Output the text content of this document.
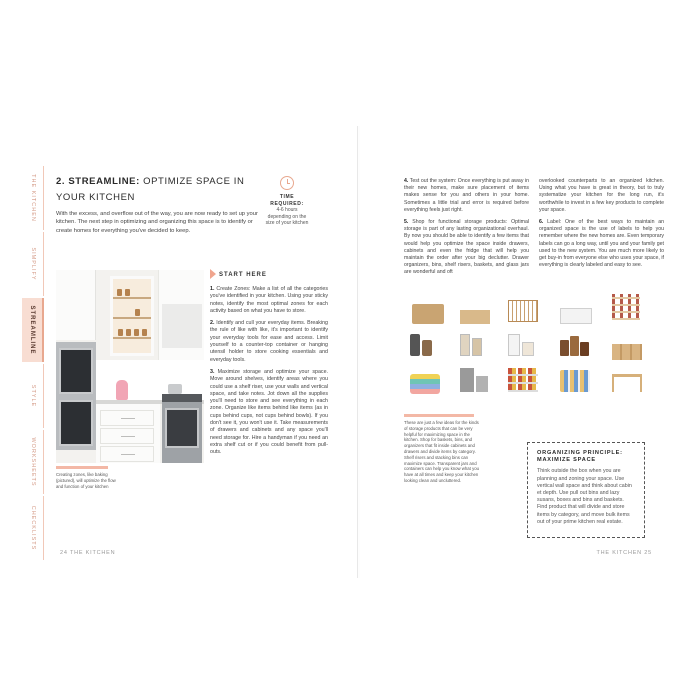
THE KITCHEN
SIMPLIFY
STREAMLINE
STYLE
WORKSHEETS
CHECKLISTS
2. STREAMLINE: OPTIMIZE SPACE IN YOUR KITCHEN
With the excess, and overflow out of the way, you are now ready to set up your kitchen. The next step in optimizing and organizing this space is to identify or create homes for everything you've decided to keep.
TIME REQUIRED:
4-6 hours depending on the size of your kitchen
Creating zones, like baking (pictured), will optimize the flow and function of your kitchen
START HERE

1. Create Zones: Make a list of all the categories you've identified in your kitchen. Using your sticky notes, identify the most optimal zones for each activity based on what you have to store.

2. Identify and cull your everyday items. Breaking the rule of like with like, it's important to identify your everyday tools for ease and access. Limit yourself to a counter-top container or hanging utensil holder to store cooking essentials and everyday tools.

3. Maximize storage and optimize your space. Move around shelves, identify areas where you could use a shelf riser, use your walls and vertical space, and take notes. Jot down all the supplies you'll need to store and see everything in each zone. Organize like items behind like items (as in cups behind cups, not cups behind bowls). If you don't see it, you won't use it. Take measurements of drawers and cabinets and any space you'll need storage for. Hire a handyman if you need an extra shelf cut or if you could benefit from pull-outs.

24 THE KITCHEN

4. Test out the system: Once everything is put away in their new homes, make sure placement of items makes sense for you and others in your home. Sometimes a little trial and error is required before everything feels just right.

5. Shop for functional storage products: Optimal storage is part of any lasting organizational overhaul. By now you should be able to identify a few items that would help you optimize the space inside drawers, cabinets and even the fridge that will help you maintain the order after your big declutter. Drawer organizers, bins, shelf risers, baskets, and glass jars are wonderful and oft

overlooked counterparts to an organized kitchen. Using what you have is great in theory, but to truly systematize your kitchen for the long run, it's worthwhile to invest in a few key products to complete your space.

6. Label: One of the best ways to maintain an organized space is the use of labels to help you remember where the new homes are. Even temporary labels can go a long way, until you and your family get used to the new system. You are much more likely to get buy-in from everyone else who uses your space, if everything is clearly labeled and easy to see.

These are just a few ideas for the kinds of storage products that can be very helpful for maximizing space in the kitchen. Shop for baskets, bins, and organizers that fit inside cabinets and drawers and divide items by category. Shelf risers and stacking bins can maximize space. Transparent jars and containers can help you know what you have at all times and keep your kitchen looking clean and uncluttered.
ORGANIZING PRINCIPLE: MAXIMIZE SPACE
Think outside the box when you are planning and zoning your space. Use vertical wall space and think about cabin et depth. Use pull out bins and lazy susans, boxes and bins and baskets. Find product that will divide and store items by category, and move bulk items out of your prime kitchen real estate.
THE KITCHEN 25
